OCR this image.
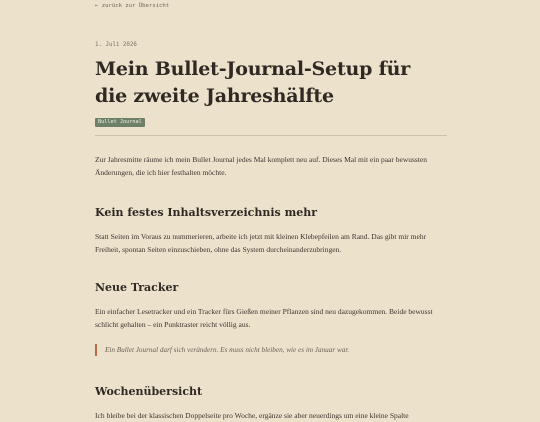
← zurück zur Übersicht
1. Juli 2026
Mein Bullet-Journal-Setup für die zweite Jahreshälfte
Bullet Journal

Zur Jahresmitte räume ich mein Bullet Journal jedes Mal komplett neu auf. Dieses Mal mit ein paar bewussten Änderungen, die ich hier festhalten möchte.

Kein festes Inhaltsverzeichnis mehr

Statt Seiten im Voraus zu nummerieren, arbeite ich jetzt mit kleinen Klebepfeilen am Rand. Das gibt mir mehr Freiheit, spontan Seiten einzuschieben, ohne das System durcheinanderzubringen.

Neue Tracker

Ein einfacher Lesetracker und ein Tracker fürs Gießen meiner Pflanzen sind neu dazugekommen. Beide bewusst schlicht gehalten – ein Punktraster reicht völlig aus.

Ein Bullet Journal darf sich verändern. Es muss nicht bleiben, wie es im Januar war.
Wochenübersicht

Ich bleibe bei der klassischen Doppelseite pro Woche, ergänze sie aber neuerdings um eine kleine Spalte
